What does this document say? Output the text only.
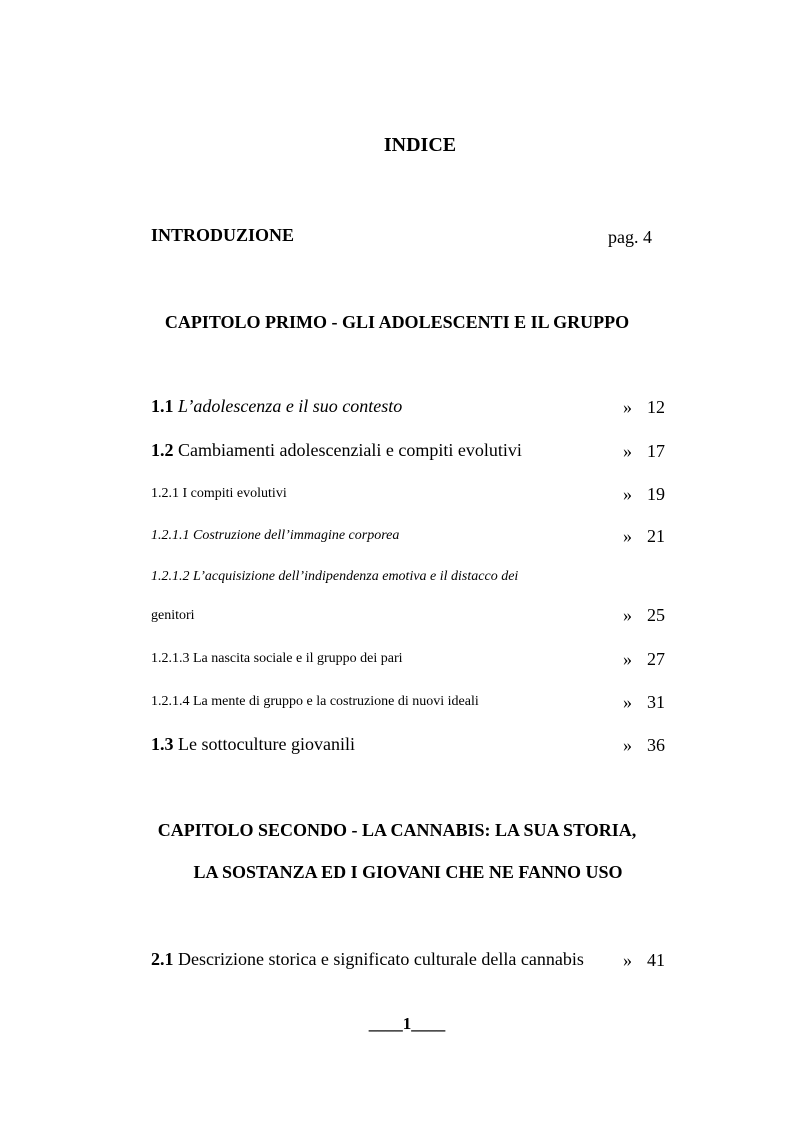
INDICE
INTRODUZIONE	pag. 4
CAPITOLO PRIMO - GLI ADOLESCENTI E IL GRUPPO
1.1 L’adolescenza e il suo contesto	» 12
1.2 Cambiamenti adolescenziali e compiti evolutivi	» 17
1.2.1 I compiti evolutivi	» 19
1.2.1.1 Costruzione dell’immagine corporea	» 21
1.2.1.2 L’acquisizione dell’indipendenza emotiva e il distacco dei
genitori	» 25
1.2.1.3 La nascita sociale e il gruppo dei pari	» 27
1.2.1.4 La mente di gruppo e la costruzione di nuovi ideali	» 31
1.3 Le sottoculture giovanili	» 36
CAPITOLO SECONDO - LA CANNABIS: LA SUA STORIA,
LA SOSTANZA ED I GIOVANI CHE NE FANNO USO
2.1 Descrizione storica e significato culturale della cannabis » 41
____1____
